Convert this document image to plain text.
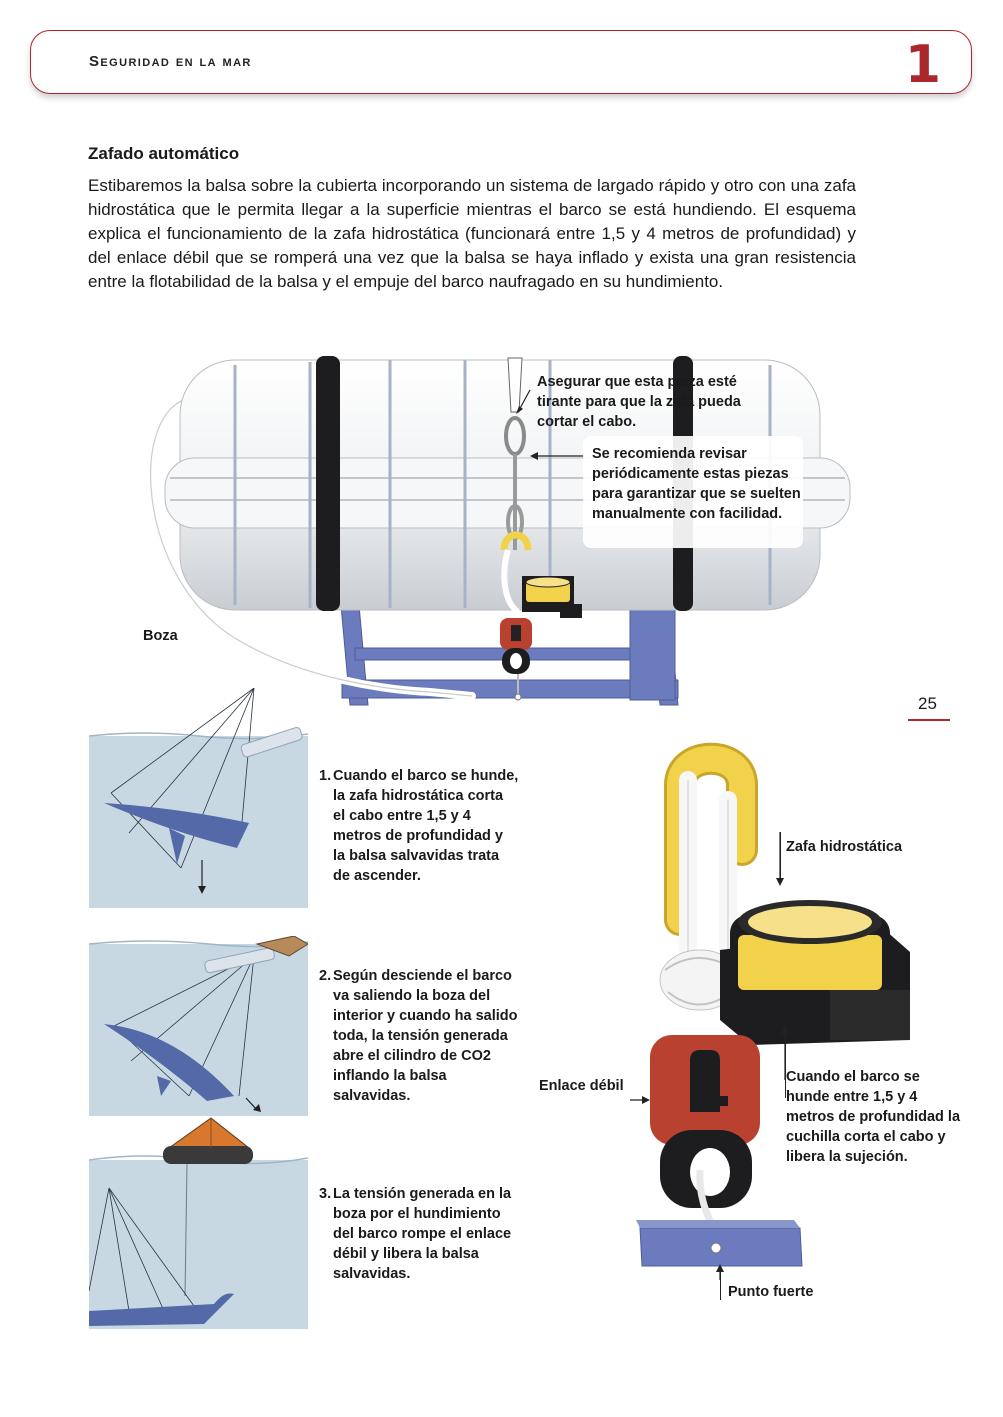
Seguridad en la mar	1
Zafado automático

Estibaremos la balsa sobre la cubierta incorporando un sistema de largado rápido y otro con una zafa hidrostática que le permita llegar a la superficie mientras el barco se está hundiendo. El esquema explica el funcionamiento de la zafa hidrostática (funcionará entre 1,5 y 4 metros de profundidad) y del enlace débil que se romperá una vez que la balsa se haya inflado y exista una gran resistencia entre la flotabilidad de la balsa y el empuje del barco naufragado en su hundimiento.

Asegurar que esta pieza esté tirante para que la zafa pueda cortar el cabo.
Se recomienda revisar periódicamente estas piezas para garantizar que se suelten manualmente con facilidad.
Boza
25
1. Cuando el barco se hunde, la zafa hidrostática corta el cabo entre 1,5 y 4 metros de profundidad y la balsa salvavidas trata de ascender.
2. Según desciende el barco va saliendo la boza del interior y cuando ha salido toda, la tensión generada abre el cilindro de CO2 inflando la balsa salvavidas.
3. La tensión generada en la boza por el hundimiento del barco rompe el enlace débil y libera la balsa salvavidas.
Zafa hidrostática
Cuando el barco se hunde entre 1,5 y 4 metros de profundidad la cuchilla corta el cabo y libera la sujeción.
Enlace débil
Punto fuerte
